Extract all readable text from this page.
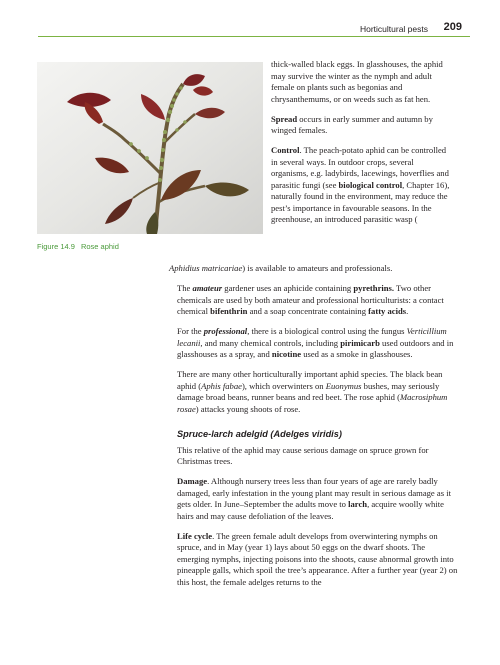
Horticultural pests 209
Figure 14.9 Rose aphid

thick-walled black eggs. In glasshouses, the aphid may survive the winter as the nymph and adult female on plants such as begonias and chrysanthemums, or on weeds such as fat hen.

Spread occurs in early summer and autumn by winged females.

Control. The peach-potato aphid can be controlled in several ways. In outdoor crops, several organisms, e.g. ladybirds, lacewings, hoverflies and parasitic fungi (see biological control, Chapter 16), naturally found in the environment, may reduce the pest’s importance in favourable seasons. In the greenhouse, an introduced parasitic wasp (

Aphidius matricariae) is available to amateurs and professionals.

The amateur gardener uses an aphicide containing pyrethrins. Two other chemicals are used by both amateur and professional horticulturists: a contact chemical bifenthrin and a soap concentrate containing fatty acids.

For the professional, there is a biological control using the fungus Verticillium lecanii, and many chemical controls, including pirimicarb used outdoors and in glasshouses as a spray, and nicotine used as a smoke in glasshouses.

There are many other horticulturally important aphid species. The black bean aphid (Aphis fabae), which overwinters on Euonymus bushes, may seriously damage broad beans, runner beans and red beet. The rose aphid (Macrosiphum rosae) attacks young shoots of rose.

Spruce-larch adelgid (Adelges viridis)

This relative of the aphid may cause serious damage on spruce grown for Christmas trees.

Damage. Although nursery trees less than four years of age are rarely badly damaged, early infestation in the young plant may result in serious damage as it gets older. In June–September the adults move to larch, acquire woolly white hairs and may cause defoliation of the leaves.

Life cycle. The green female adult develops from overwintering nymphs on spruce, and in May (year 1) lays about 50 eggs on the dwarf shoots. The emerging nymphs, injecting poisons into the shoots, cause abnormal growth into pineapple galls, which spoil the tree’s appearance. After a further year (year 2) on this host, the female adelges returns to the
